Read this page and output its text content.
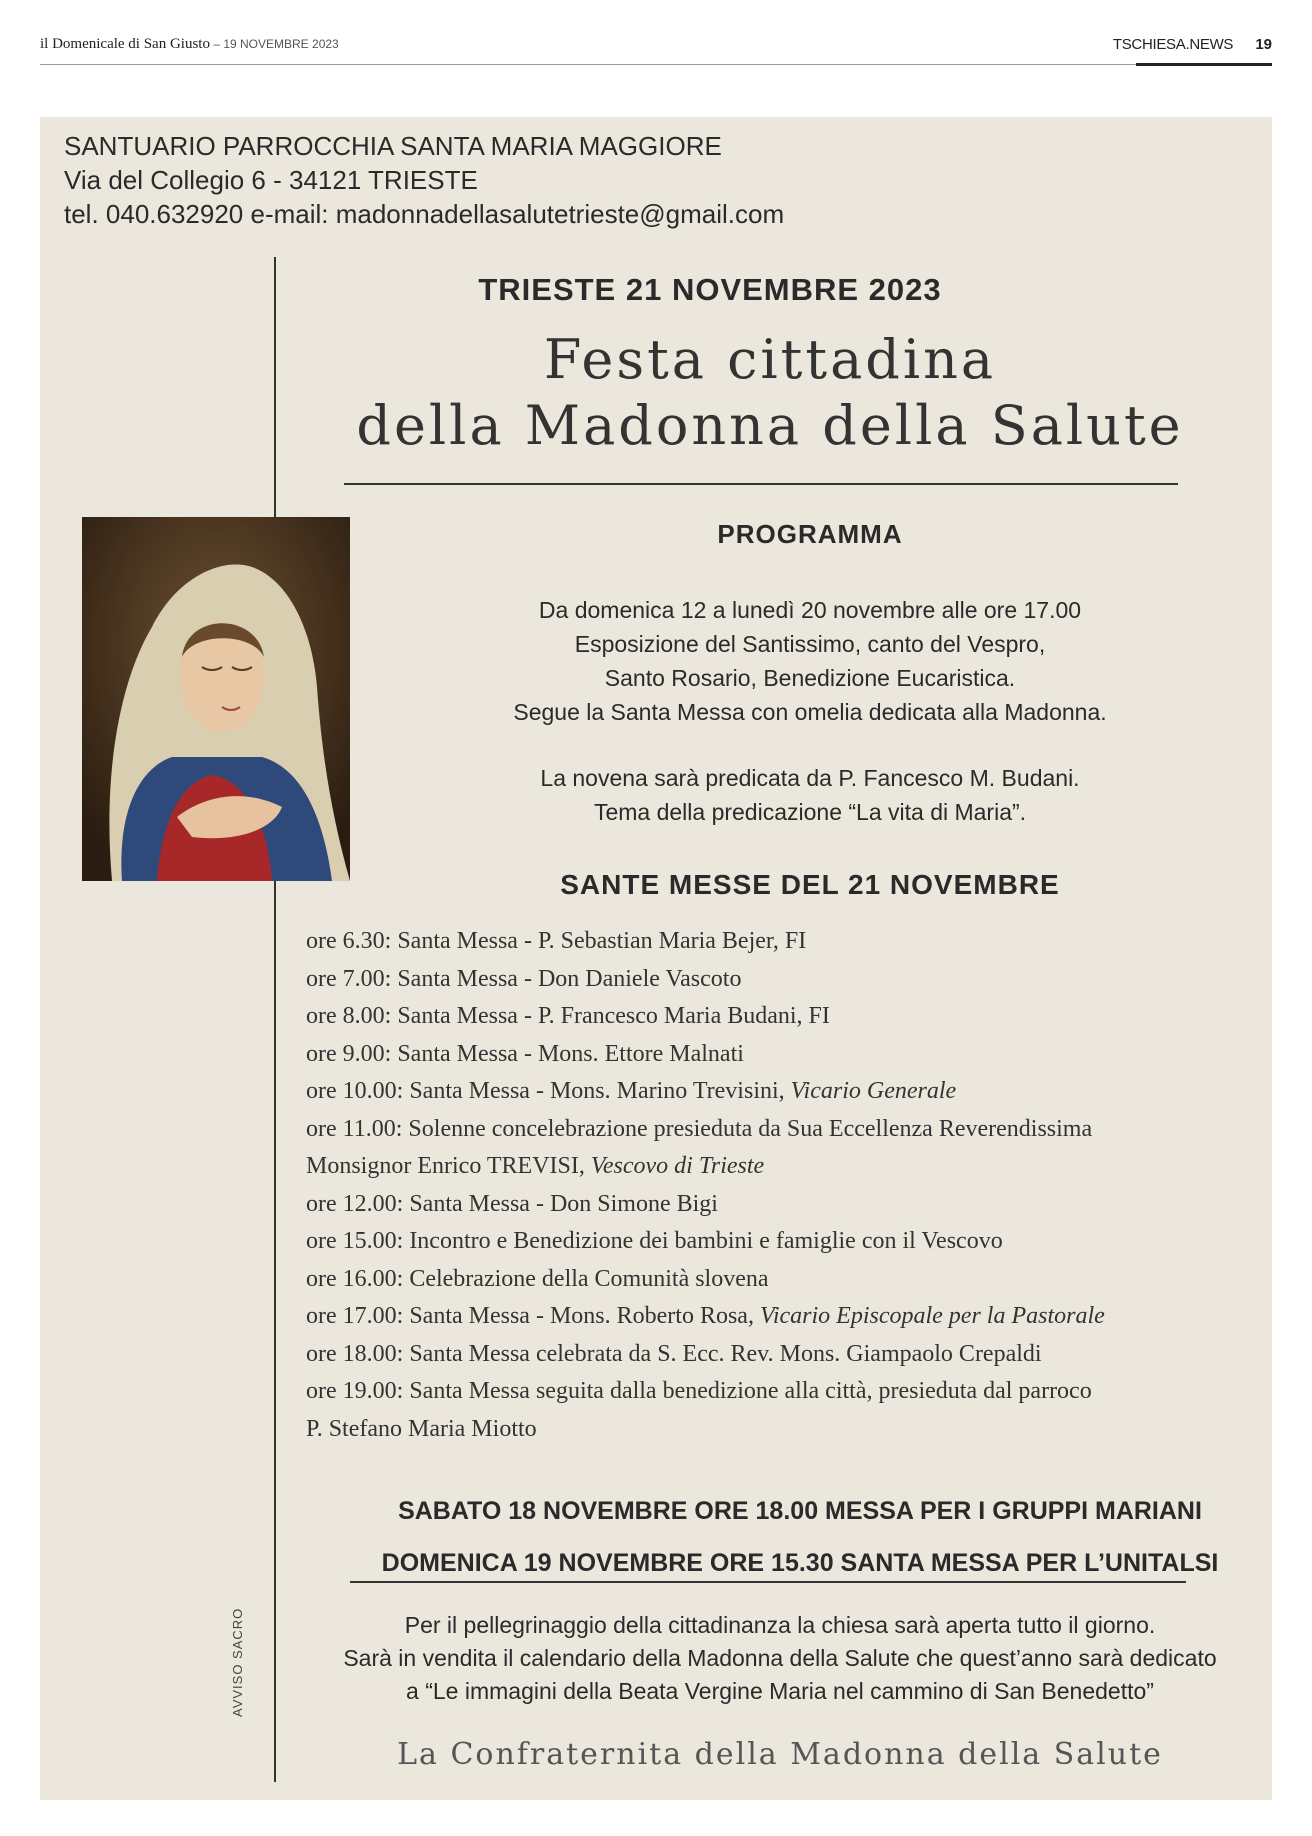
il Domenicale di San Giusto – 19 NOVEMBRE 2023	TSCHIESA.NEWS 19
SANTUARIO PARROCCHIA SANTA MARIA MAGGIORE
Via del Collegio 6 - 34121 TRIESTE
tel. 040.632920 e-mail: madonnadellasalutetrieste@gmail.com
AVVISO SACRO
TRIESTE 21 NOVEMBRE 2023
Festa cittadina
della Madonna della Salute
PROGRAMMA
Da domenica 12 a lunedì 20 novembre alle ore 17.00
Esposizione del Santissimo, canto del Vespro,
Santo Rosario, Benedizione Eucaristica.
Segue la Santa Messa con omelia dedicata alla Madonna.
La novena sarà predicata da P. Fancesco M. Budani.
Tema della predicazione “La vita di Maria”.
SANTE MESSE DEL 21 NOVEMBRE
ore 6.30: Santa Messa - P. Sebastian Maria Bejer, FI
ore 7.00: Santa Messa - Don Daniele Vascoto
ore 8.00: Santa Messa - P. Francesco Maria Budani, FI
ore 9.00: Santa Messa - Mons. Ettore Malnati
ore 10.00: Santa Messa - Mons. Marino Trevisini, Vicario Generale
ore 11.00: Solenne concelebrazione presieduta da Sua Eccellenza Reverendissima
Monsignor Enrico TREVISI, Vescovo di Trieste
ore 12.00: Santa Messa - Don Simone Bigi
ore 15.00: Incontro e Benedizione dei bambini e famiglie con il Vescovo
ore 16.00: Celebrazione della Comunità slovena
ore 17.00: Santa Messa - Mons. Roberto Rosa, Vicario Episcopale per la Pastorale
ore 18.00: Santa Messa celebrata da S. Ecc. Rev. Mons. Giampaolo Crepaldi
ore 19.00: Santa Messa seguita dalla benedizione alla città, presieduta dal parroco
P. Stefano Maria Miotto
SABATO 18 NOVEMBRE ORE 18.00 MESSA PER I GRUPPI MARIANI
DOMENICA 19 NOVEMBRE ORE 15.30 SANTA MESSA PER L’UNITALSI
Per il pellegrinaggio della cittadinanza la chiesa sarà aperta tutto il giorno.
Sarà in vendita il calendario della Madonna della Salute che quest’anno sarà dedicato
a “Le immagini della Beata Vergine Maria nel cammino di San Benedetto”
La Confraternita della Madonna della Salute
